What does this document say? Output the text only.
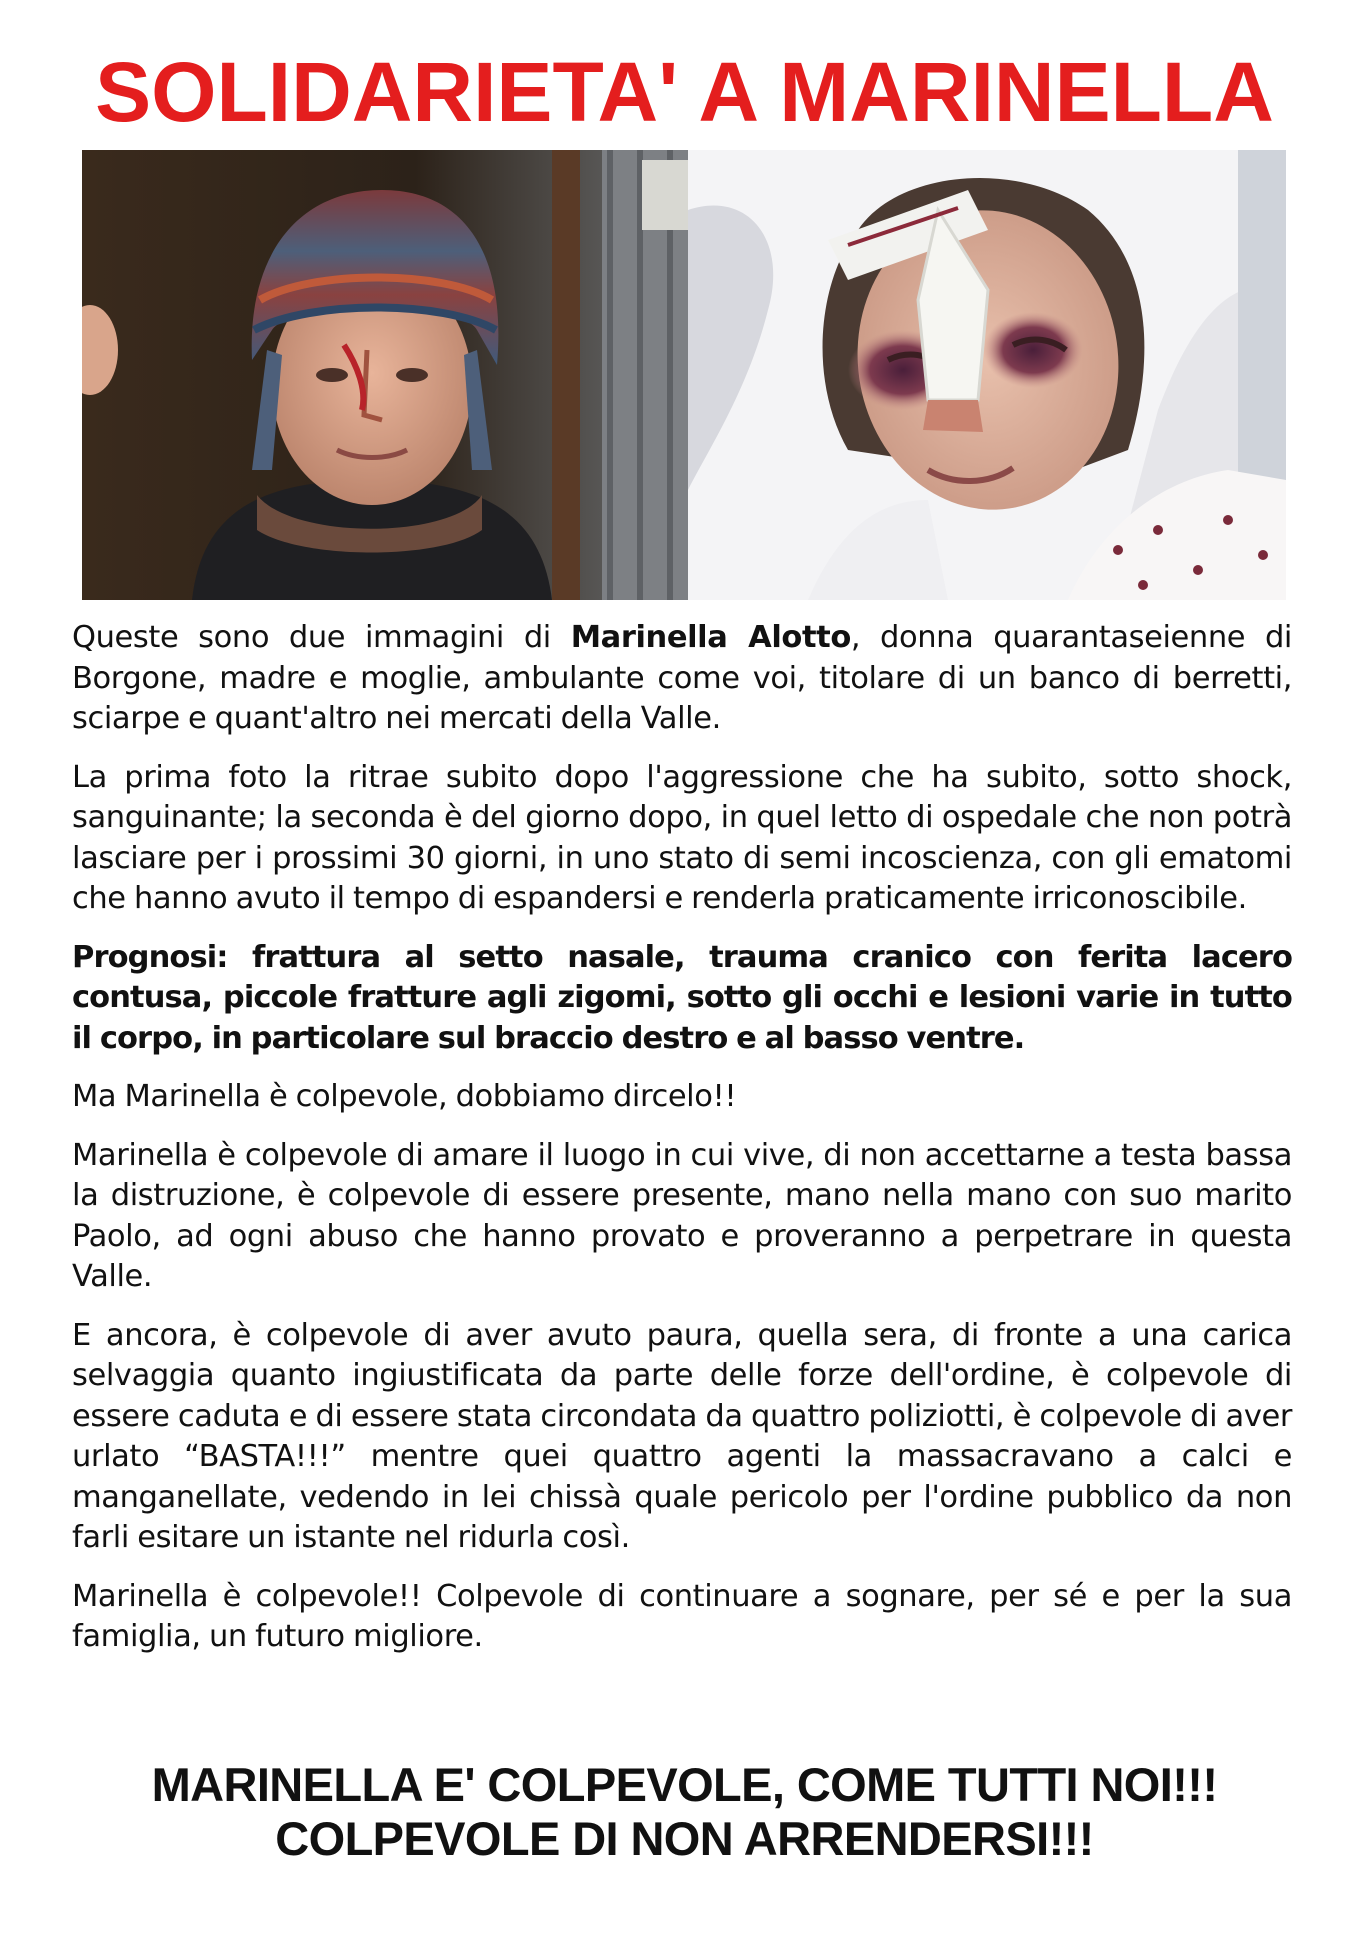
SOLIDARIETA' A MARINELLA

Queste sono due immagini di Marinella Alotto, donna quarantaseienne di Borgone, madre e moglie, ambulante come voi, titolare di un banco di berretti, sciarpe e quant'altro nei mercati della Valle.

La prima foto la ritrae subito dopo l'aggressione che ha subito, sotto shock, sanguinante; la seconda è del giorno dopo, in quel letto di ospedale che non potrà lasciare per i prossimi 30 giorni, in uno stato di semi incoscienza, con gli ematomi che hanno avuto il tempo di espandersi e renderla praticamente irriconoscibile.

Prognosi: frattura al setto nasale, trauma cranico con ferita lacero contusa, piccole fratture agli zigomi, sotto gli occhi e lesioni varie in tutto il corpo, in particolare sul braccio destro e al basso ventre.

Ma Marinella è colpevole, dobbiamo dircelo!!

Marinella è colpevole di amare il luogo in cui vive, di non accettarne a testa bassa la distruzione, è colpevole di essere presente, mano nella mano con suo marito Paolo, ad ogni abuso che hanno provato e proveranno a perpetrare in questa Valle.

E ancora, è colpevole di aver avuto paura, quella sera, di fronte a una carica selvaggia quanto ingiustificata da parte delle forze dell'ordine, è colpevole di essere caduta e di essere stata circondata da quattro poliziotti, è colpevole di aver urlato “BASTA!!!” mentre quei quattro agenti la massacravano a calci e manganellate, vedendo in lei chissà quale pericolo per l'ordine pubblico da non farli esitare un istante nel ridurla così.

Marinella è colpevole!! Colpevole di continuare a sognare, per sé e per la sua famiglia, un futuro migliore.

MARINELLA E' COLPEVOLE, COME TUTTI NOI!!!
COLPEVOLE DI NON ARRENDERSI!!!
